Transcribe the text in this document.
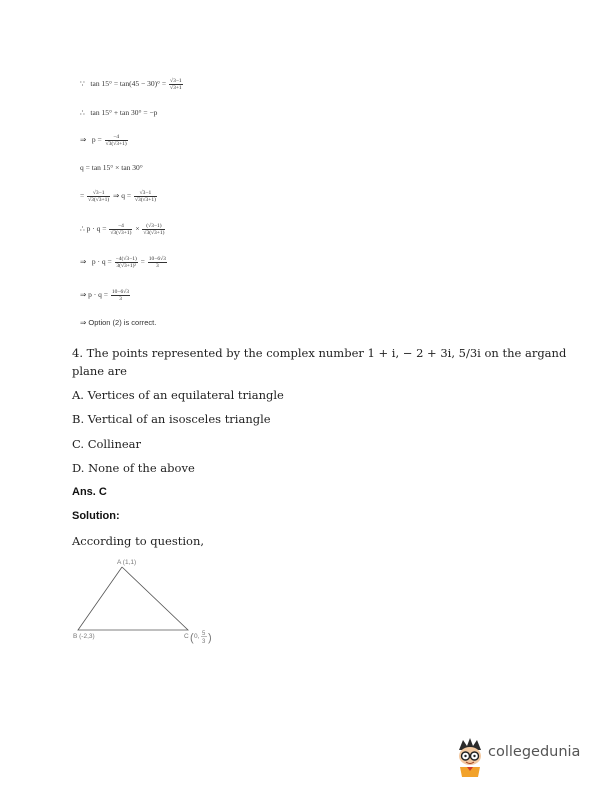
∵ $\tan 15^\circ = \tan(45 - 30)^\circ = \frac{√3-1}{√3+1}$
∴ tan 15° + tan 30° = −p
⇒ $p = \frac{-4}{√3(√3+1)}$
q = tan 15° × tan 30°
= $\frac{√3-1}{√3(√3+1)}$ ⇒ $q = \frac{√3-1}{√3(√3+1)}$
∴ $p \cdot q = \frac{-4}{√3(√3+1)} \times \frac{(√3-1)}{√3(√3+1)}$
⇒ $p \cdot q = \frac{-4(√3-1)}{\text{3(√3+1)²}} = \frac{10-6√3}{3}$
⇒ $p \cdot q = \frac{10-6√3}{3}$
⇒ Option (2) is correct.
4. The points represented by the complex number 1 + i, − 2 + 3i, 5/3i on the argand
plane are
A. Vertices of an equilateral triangle
B. Vertical of an isosceles triangle
C. Collinear
D. None of the above
Ans. C
Solution:
According to question,
A (1,1)
B (-2,3)	C ( 0, 5
3 )
collegedunia
